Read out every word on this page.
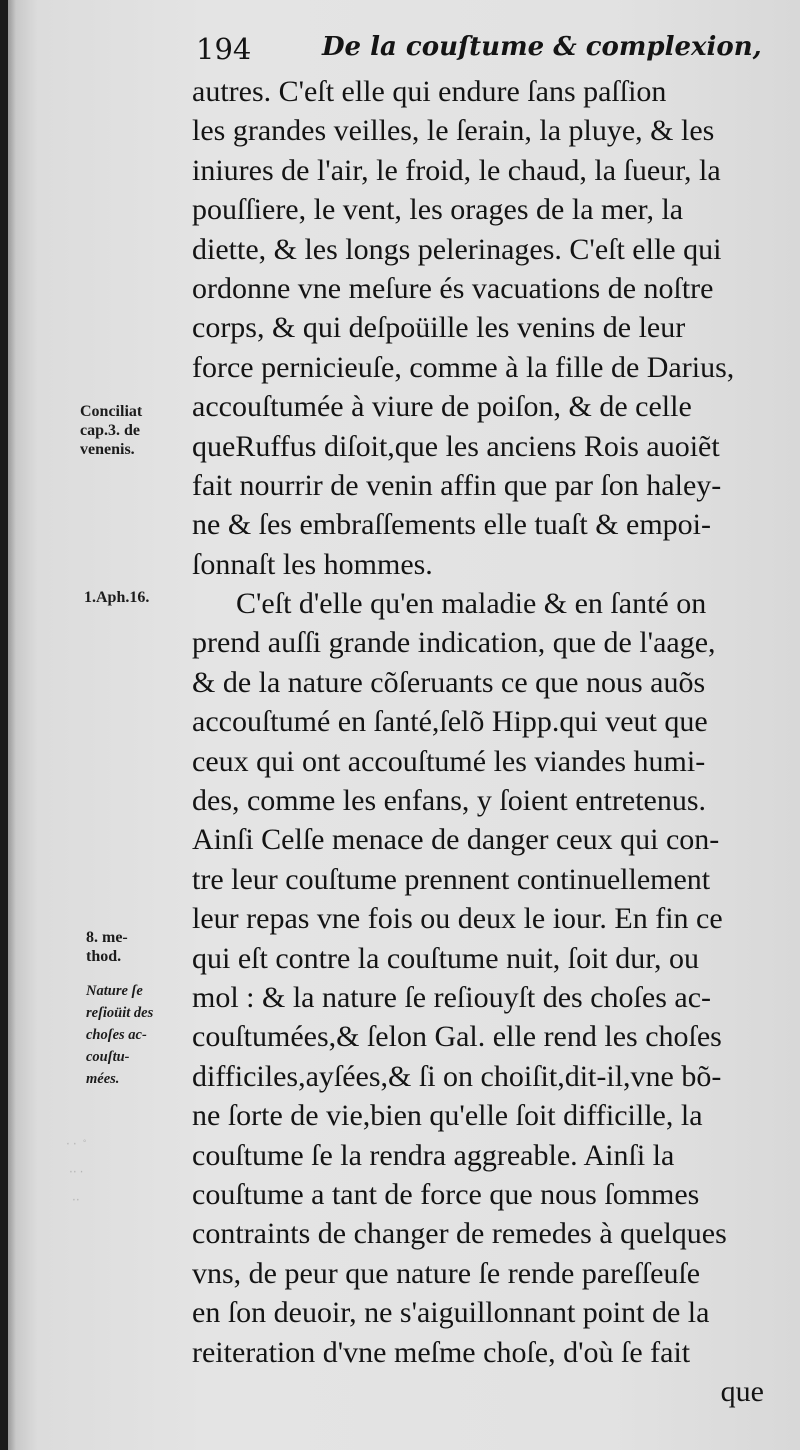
194	De la couſtume & complexion,
autres. C'eſt elle qui endure ſans paſſion
les grandes veilles, le ſerain, la pluye, & les
iniures de l'air, le froid, le chaud, la ſueur, la
pouſſiere, le vent, les orages de la mer, la
diette, & les longs pelerinages. C'eſt elle qui
ordonne vne meſure és vacuations de noſtre
corps, & qui deſpoüille les venins de leur
force pernicieuſe, comme à la fille de Darius,
accouſtumée à viure de poiſon, & de celle
queRuffus diſoit,que les anciens Rois auoiẽt
fait nourrir de venin affin que par ſon haley-
ne & ſes embraſſements elle tuaſt & empoi-
ſonnaſt les hommes.
C'eſt d'elle qu'en maladie & en ſanté on
prend auſſi grande indication, que de l'aage,
& de la nature cõſeruants ce que nous auõs
accouſtumé en ſanté,ſelõ Hipp.qui veut que
ceux qui ont accouſtumé les viandes humi-
des, comme les enfans, y ſoient entretenus.
Ainſi Celſe menace de danger ceux qui con-
tre leur couſtume prennent continuellement
leur repas vne fois ou deux le iour. En fin ce
qui eſt contre la couſtume nuit, ſoit dur, ou
mol : & la nature ſe reſiouyſt des choſes ac-
couſtumées,& ſelon Gal. elle rend les choſes
difficiles,ayſées,& ſi on choiſit,dit-il,vne bõ-
ne ſorte de vie,bien qu'elle ſoit difficille, la
couſtume ſe la rendra aggreable. Ainſi la
couſtume a tant de force que nous ſommes
contraints de changer de remedes à quelques
vns, de peur que nature ſe rende pareſſeuſe
en ſon deuoir, ne s'aiguillonnant point de la
reiteration d'vne meſme choſe, d'où ſe fait
que
Conciliat
cap.3. de
venenis.
1.Aph.16.
8. me-
thod.
Nature ſe
reſioüit des
choſes ac-
couſtu-
mées.
‧ ‧  ˚
‧‧ ‧
‧‧
